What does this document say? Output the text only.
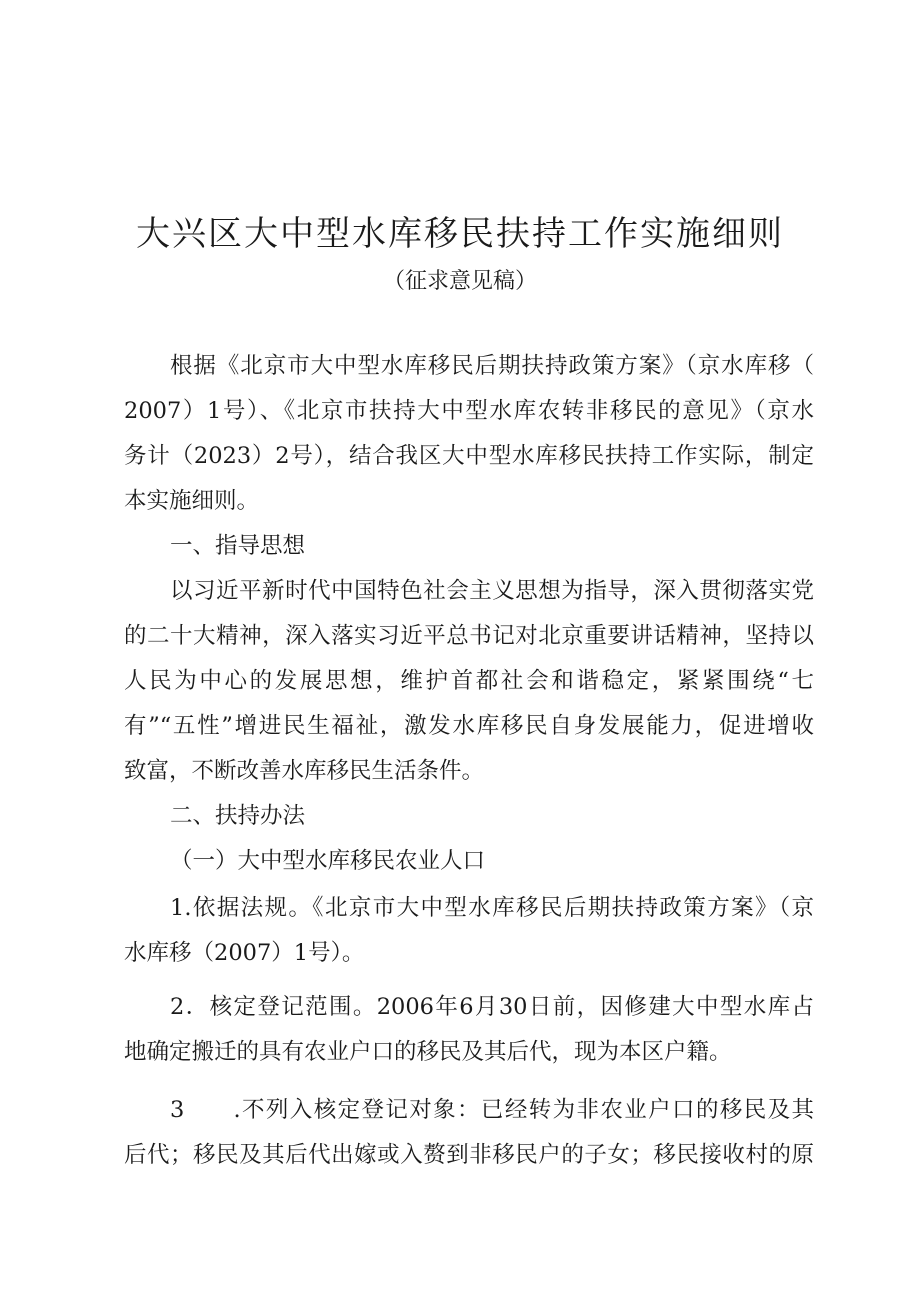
大兴区大中型水库移民扶持工作实施细则
（征求意见稿）
根据《北京市大中型水库移民后期扶持政策方案》（京水库移（
2007）1号）、《北京市扶持大中型水库农转非移民的意见》（京水
务计（2023）2号），结合我区大中型水库移民扶持工作实际，制定
本实施细则。
一、指导思想
以习近平新时代中国特色社会主义思想为指导，深入贯彻落实党
的二十大精神，深入落实习近平总书记对北京重要讲话精神，坚持以
人民为中心的发展思想，维护首都社会和谐稳定，紧紧围绕“七
有”“五性”增进民生福祉，激发水库移民自身发展能力，促进增收
致富，不断改善水库移民生活条件。
二、扶持办法
（一）大中型水库移民农业人口
1.依据法规。《北京市大中型水库移民后期扶持政策方案》（京
水库移（2007）1号）。
2．核定登记范围。2006年6月30日前，因修建大中型水库占
地确定搬迁的具有农业户口的移民及其后代，现为本区户籍。
3　　.不列入核定登记对象：已经转为非农业户口的移民及其
后代；移民及其后代出嫁或入赘到非移民户的子女；移民接收村的原
